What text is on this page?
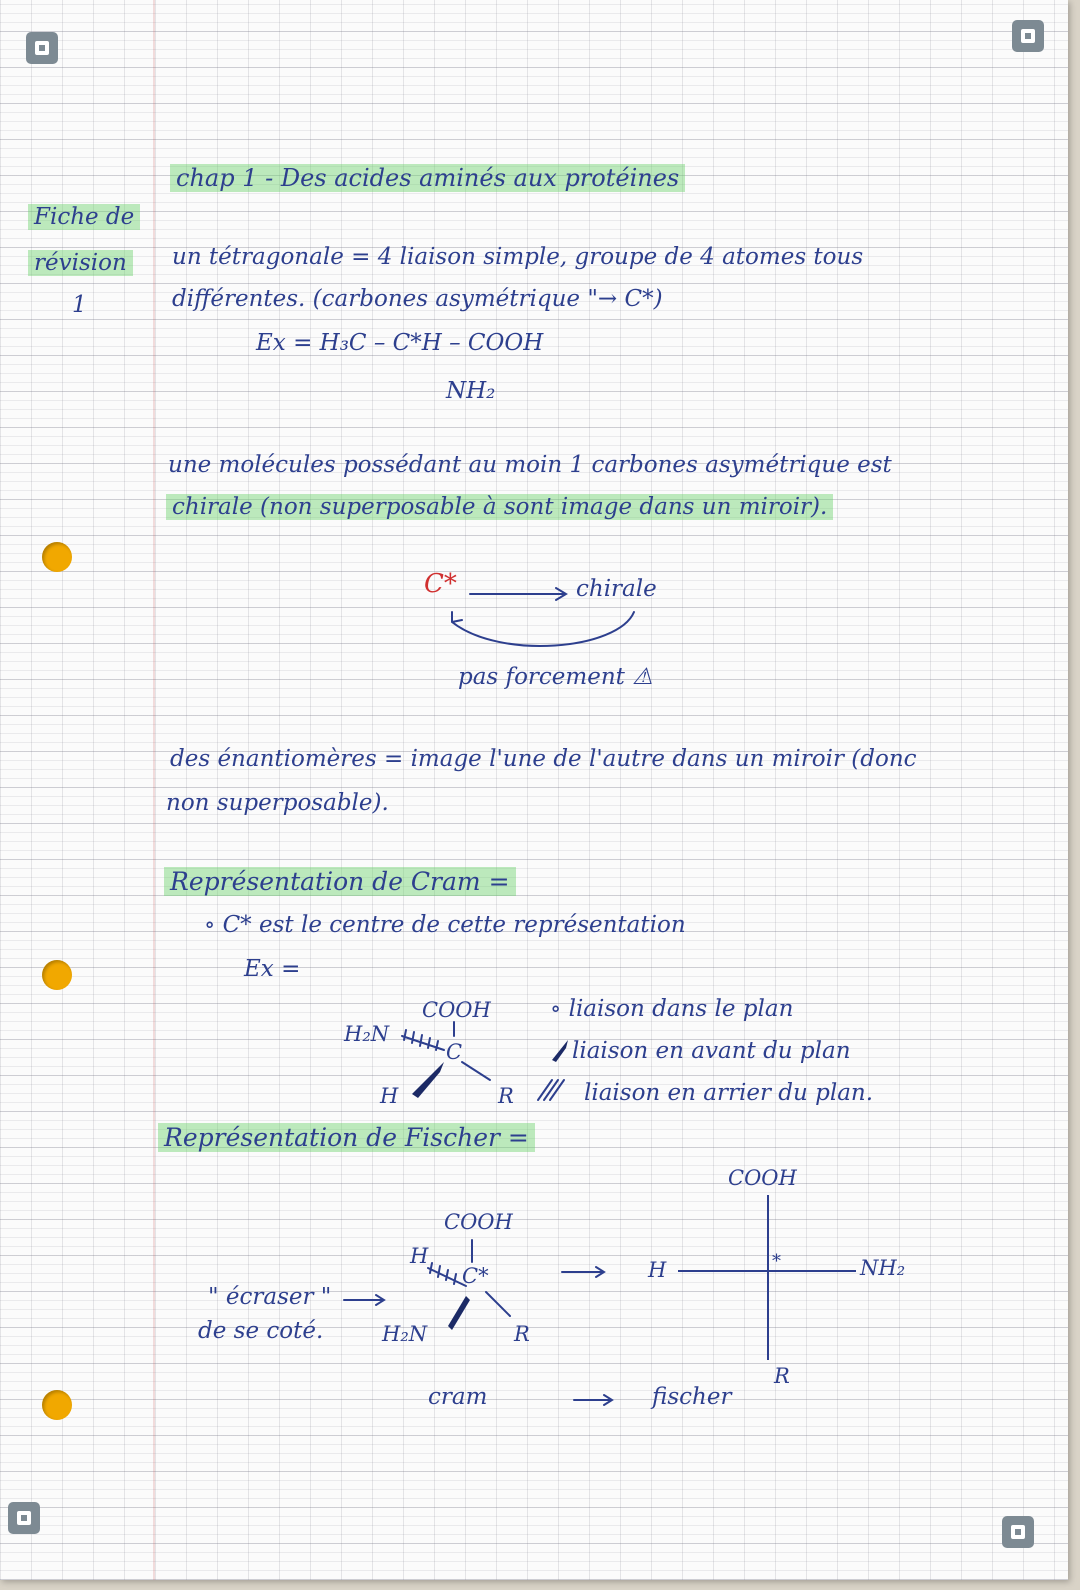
chap 1 - Des acides aminés aux protéines
Fiche de
révision
1
un tétragonale = 4 liaison simple, groupe de 4 atomes tous
différentes. (carbones asymétrique "→ C*)
Ex = H₃C – C*H – COOH
NH₂
une molécules possédant au moin 1 carbones asymétrique est
chirale (non superposable à sont image dans un miroir).
C*	chirale
pas forcement ⚠
des énantiomères = image l'une de l'autre dans un miroir (donc
non superposable).
Représentation de Cram =
∘ C* est le centre de cette représentation
Ex =
COOH
H₂N
C
H	R
∘ liaison dans le plan
liaison en avant du plan
liaison en arrier du plan.
Représentation de Fischer =
" écraser "
de se coté.
COOH
H
C*
H₂N	R
COOH
H	*	NH₂
R
cram	fischer
